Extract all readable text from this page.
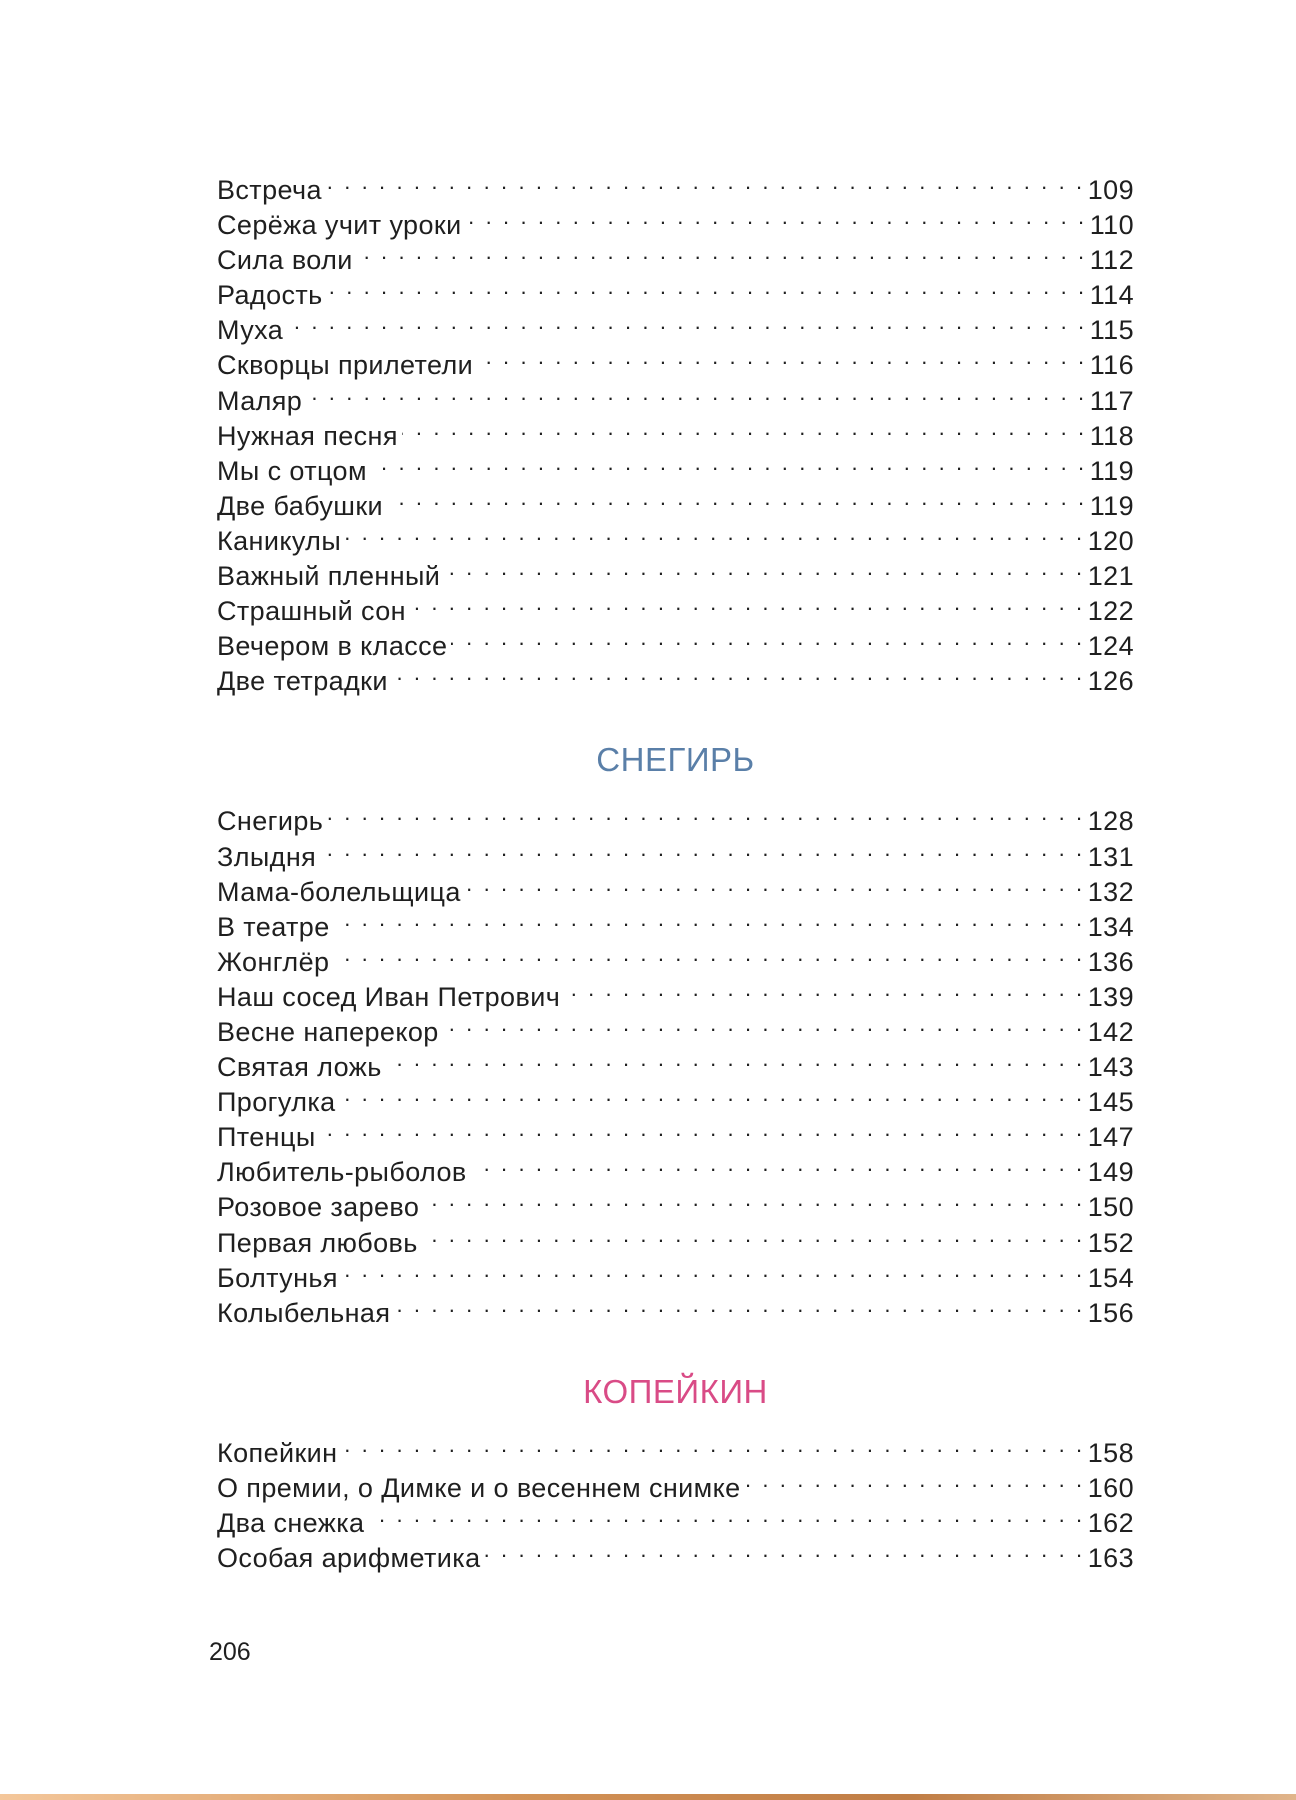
Встреча . . .	109
Серёжа учит уроки . . .	110
Сила воли . . .	112
Радость . . .	114
Муха . . .	115
Скворцы прилетели . . .	116
Маляр . . .	117
Нужная песня . . .	118
Мы с отцом . . .	119
Две бабушки . . .	119
Каникулы . . .	120
Важный пленный . . .	121
Страшный сон . . .	122
Вечером в классе . . .	124
Две тетрадки . . .	126
СНЕГИРЬ
Снегирь . . .	128
Злыдня . . .	131
Мама-болельщица . . .	132
В театре . . .	134
Жонглёр . . .	136
Наш сосед Иван Петрович . . .	139
Весне наперекор . . .	142
Святая ложь . . .	143
Прогулка . . .	145
Птенцы . . .	147
Любитель-рыболов . . .	149
Розовое зарево . . .	150
Первая любовь . . .	152
Болтунья . . .	154
Колыбельная . . .	156
КОПЕЙКИН
Копейкин . . .	158
О премии, о Димке и о весеннем снимке . . .	160
Два снежка . . .	162
Особая арифметика . . .	163
206
